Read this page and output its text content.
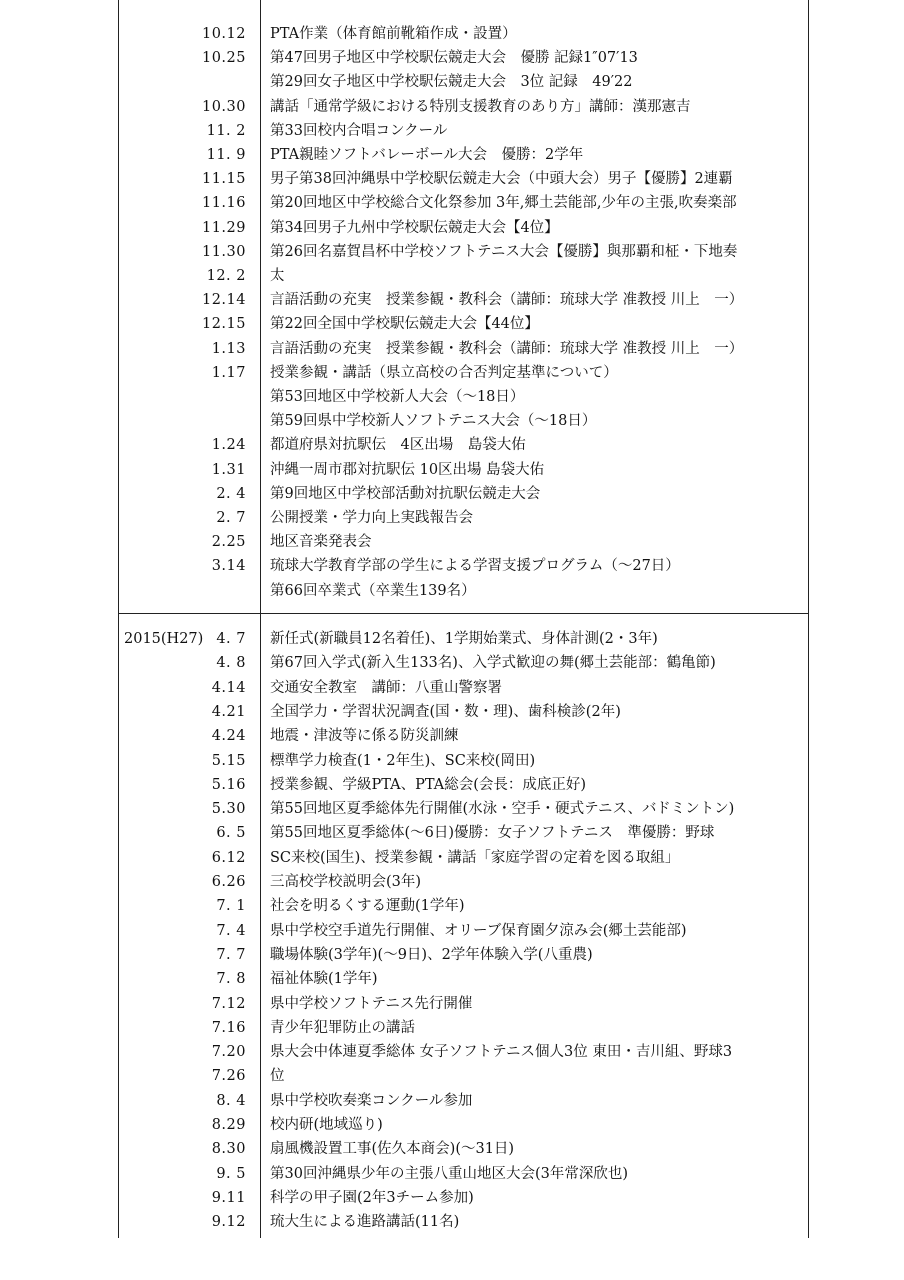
10.12 PTA作業（体育館前靴箱作成・設置）
10.25 第47回男子地区中学校駅伝競走大会　優勝 記録1″07′13
第29回女子地区中学校駅伝競走大会　3位 記録　49′22
10.30 講話「通常学級における特別支援教育のあり方」講師：漢那憲吉
11. 2 第33回校内合唱コンクール
11. 9 PTA親睦ソフトバレーボール大会　優勝：2学年
11.15 男子第38回沖縄県中学校駅伝競走大会（中頭大会）男子【優勝】2連覇
11.16 第20回地区中学校総合文化祭参加 3年,郷土芸能部,少年の主張,吹奏楽部
11.29 第34回男子九州中学校駅伝競走大会【4位】
11.30 第26回名嘉賀昌杯中学校ソフトテニス大会【優勝】與那覇和柾・下地奏
12. 2 太
12.14 言語活動の充実　授業参観・教科会（講師：琉球大学 准教授 川上　一）
12.15 第22回全国中学校駅伝競走大会【44位】
1.13 言語活動の充実　授業参観・教科会（講師：琉球大学 准教授 川上　一）
1.17 授業参観・講話（県立高校の合否判定基準について）
第53回地区中学校新人大会（～18日）
第59回県中学校新人ソフトテニス大会（～18日）
1.24 都道府県対抗駅伝　4区出場　島袋大佑
1.31 沖縄一周市郡対抗駅伝 10区出場 島袋大佑
2. 4 第9回地区中学校部活動対抗駅伝競走大会
2. 7 公開授業・学力向上実践報告会
2.25 地区音楽発表会
3.14 琉球大学教育学部の学生による学習支援プログラム（～27日）
第66回卒業式（卒業生139名）
2015(H27) 4. 7 新任式(新職員12名着任)、1学期始業式、身体計測(2・3年)
4. 8 第67回入学式(新入生133名)、入学式歓迎の舞(郷土芸能部：鶴亀節)
4.14 交通安全教室　講師：八重山警察署
4.21 全国学力・学習状況調査(国・数・理)、歯科検診(2年)
4.24 地震・津波等に係る防災訓練
5.15 標準学力検査(1・2年生)、SC来校(岡田)
5.16 授業参観、学級PTA、PTA総会(会長：成底正好)
5.30 第55回地区夏季総体先行開催(水泳・空手・硬式テニス、バドミントン)
6. 5 第55回地区夏季総体(～6日)優勝：女子ソフトテニス　準優勝：野球
6.12 SC来校(国生)、授業参観・講話「家庭学習の定着を図る取組」
6.26 三高校学校説明会(3年)
7. 1 社会を明るくする運動(1学年)
7. 4 県中学校空手道先行開催、オリーブ保育園夕涼み会(郷土芸能部)
7. 7 職場体験(3学年)(～9日)、2学年体験入学(八重農)
7. 8 福祉体験(1学年)
7.12 県中学校ソフトテニス先行開催
7.16 青少年犯罪防止の講話
7.20 県大会中体連夏季総体 女子ソフトテニス個人3位 東田・吉川組、野球3
7.26 位
8. 4 県中学校吹奏楽コンクール参加
8.29 校内研(地域巡り)
8.30 扇風機設置工事(佐久本商会)(～31日)
9. 5 第30回沖縄県少年の主張八重山地区大会(3年常深欣也)
9.11 科学の甲子園(2年3チーム参加)
9.12 琉大生による進路講話(11名)
